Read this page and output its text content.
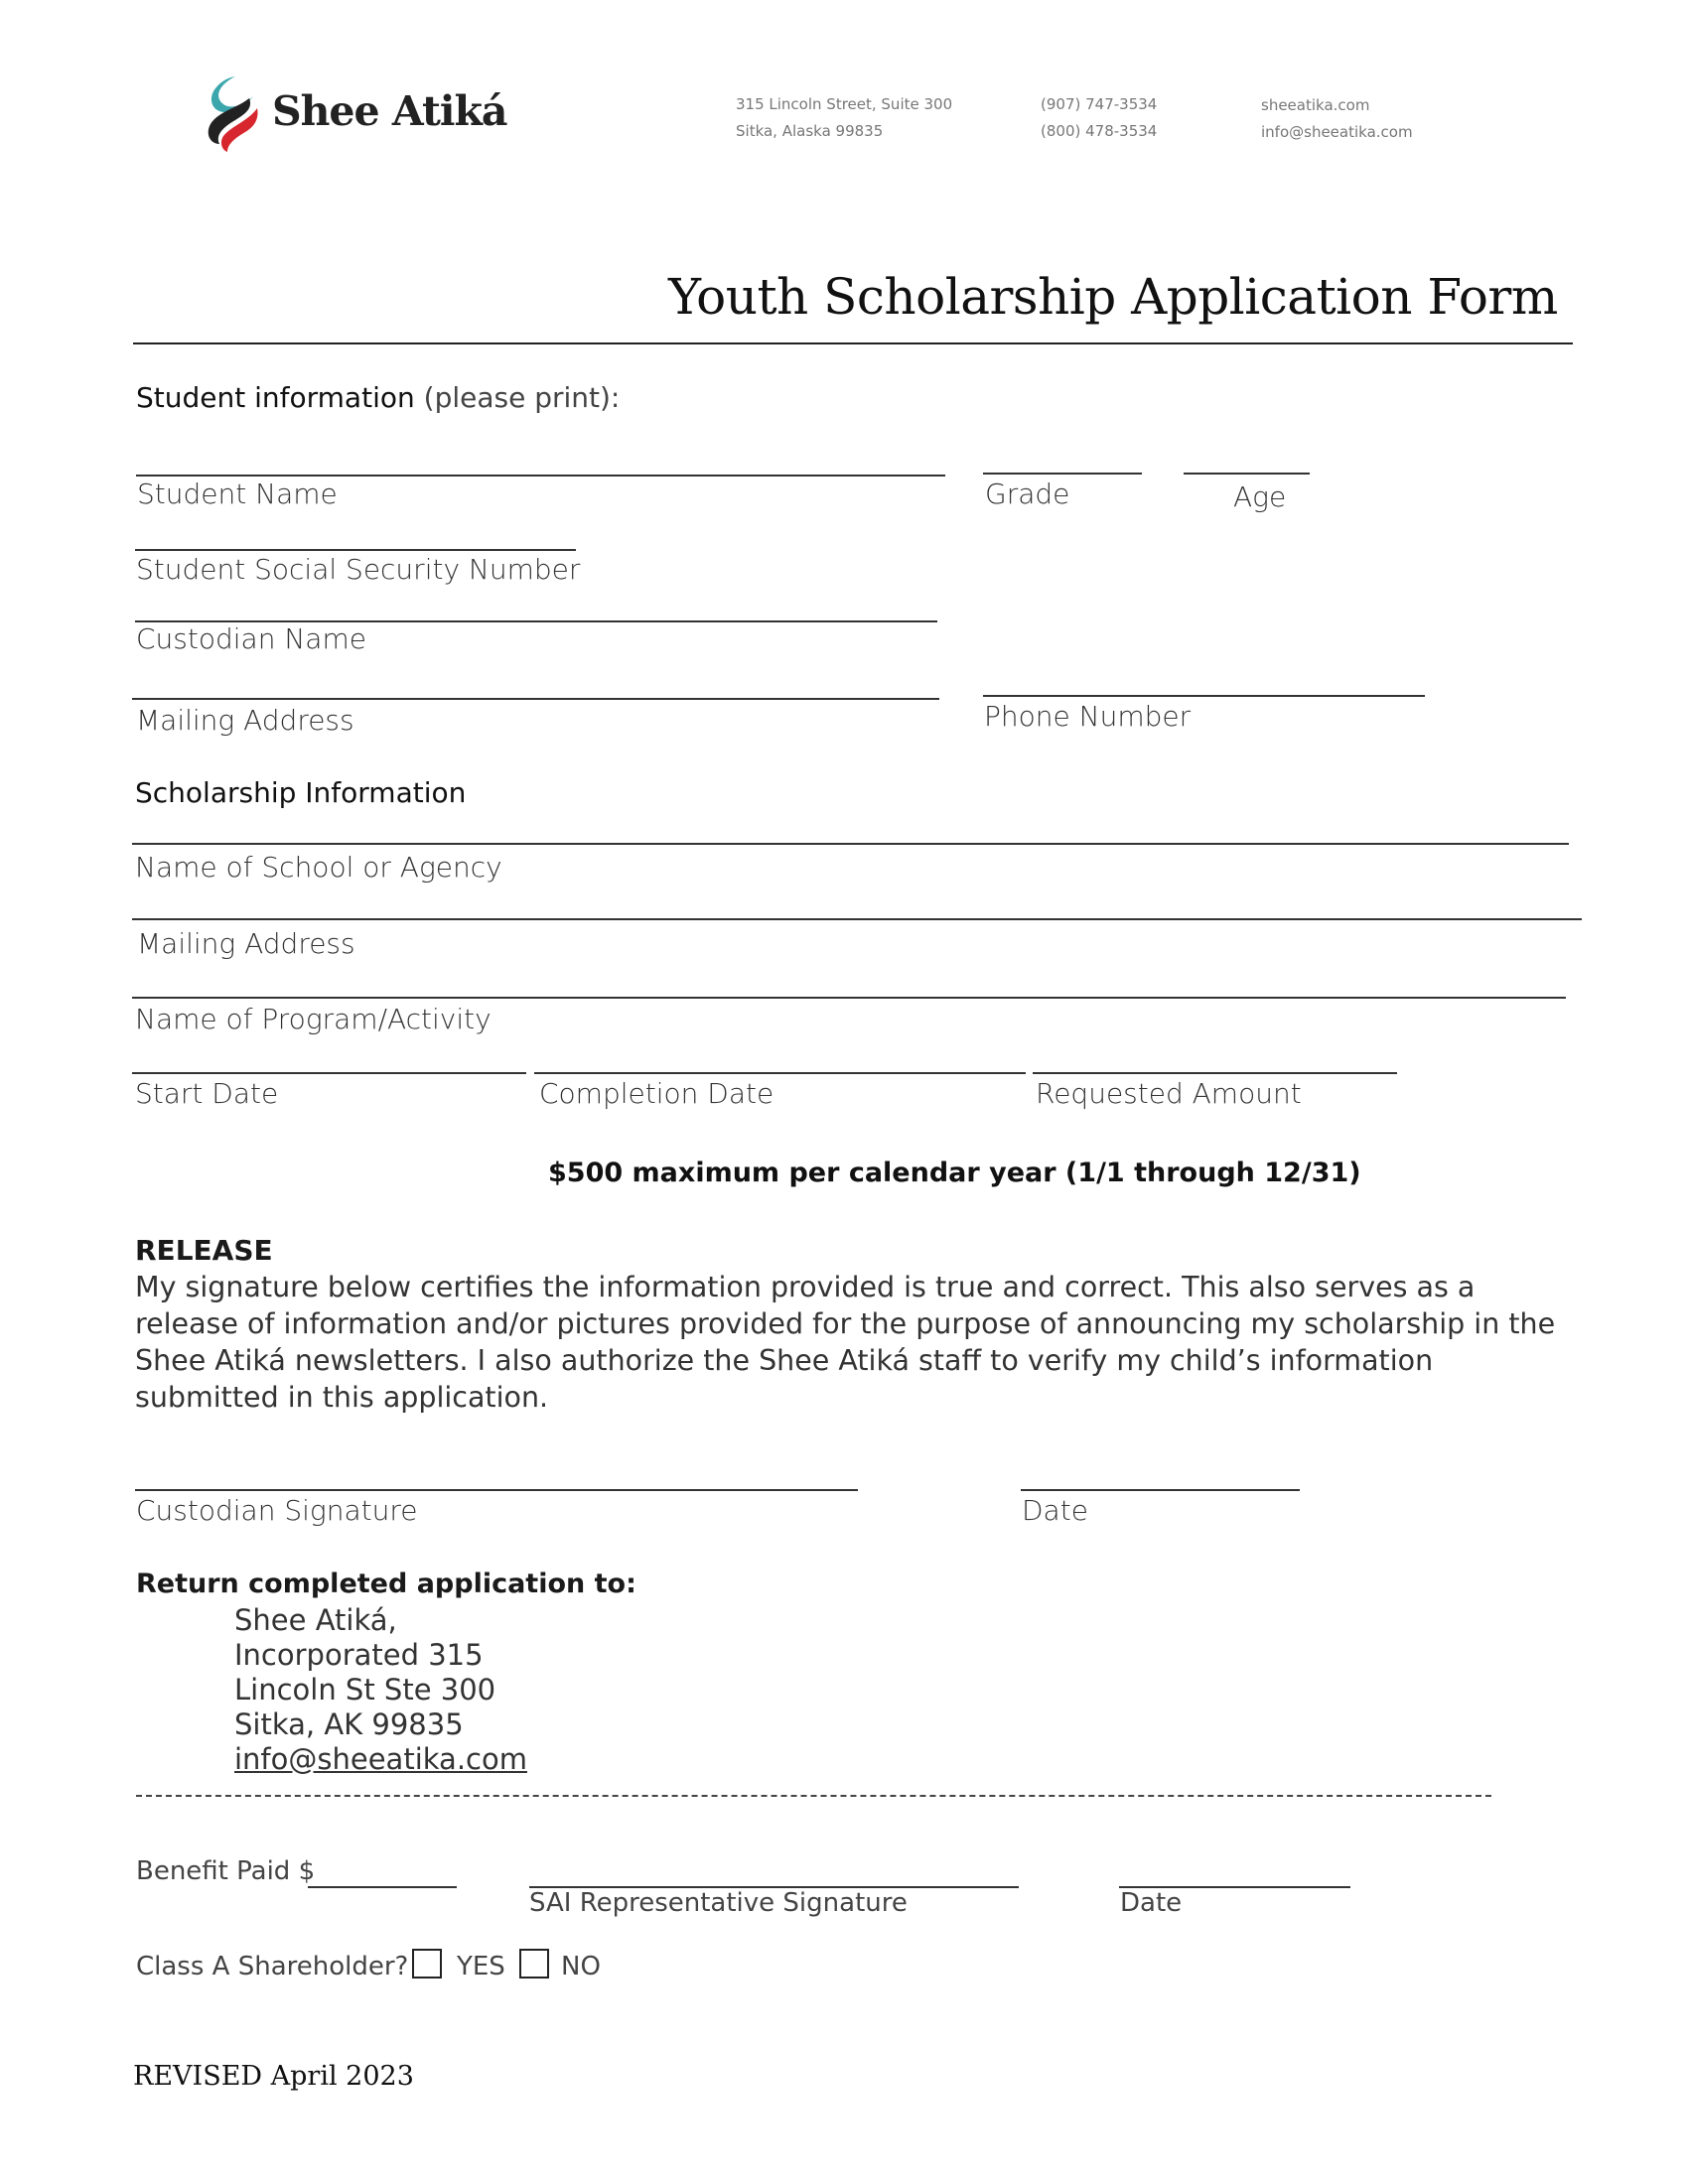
Shee Atiká	315 Lincoln Street, Suite 300
Sitka, Alaska 99835
(907) 747-3534
(800) 478-3534
sheeatika.com
info@sheeatika.com
Youth Scholarship Application Form
Student information (please print):
Student Name	Grade	Age
Student Social Security Number
Custodian Name
Mailing Address	Phone Number
Scholarship Information
Name of School or Agency
Mailing Address
Name of Program/Activity
Start Date	Completion Date	Requested Amount
$500 maximum per calendar year (1/1 through 12/31)
RELEASE
My signature below certifies the information provided is true and correct. This also serves as a release of information and/or pictures provided for the purpose of announcing my scholarship in the Shee Atiká newsletters. I also authorize the Shee Atiká staff to verify my child’s information submitted in this application.
Custodian Signature	Date
Return completed application to:
Shee Atiká,
Incorporated 315
Lincoln St Ste 300
Sitka, AK 99835
info@sheeatika.com
Benefit Paid $
SAI Representative Signature	Date
Class A Shareholder? YES NO
REVISED April 2023
